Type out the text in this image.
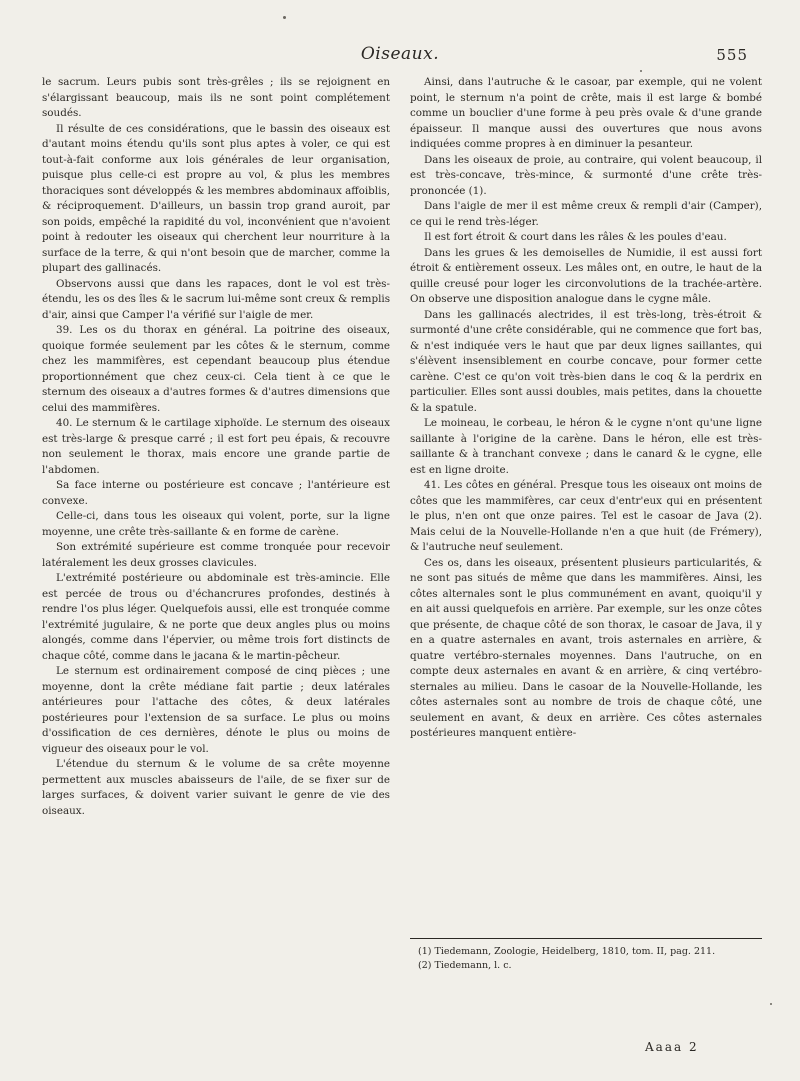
Oiseaux.	555

le sacrum. Leurs pubis sont très-grêles ; ils se rejoignent en s'élargissant beaucoup, mais ils ne sont point complétement soudés.

Il résulte de ces considérations, que le bassin des oiseaux est d'autant moins étendu qu'ils sont plus aptes à voler, ce qui est tout-à-fait conforme aux lois générales de leur organisation, puisque plus celle-ci est propre au vol, & plus les membres thoraciques sont développés & les membres abdominaux affoiblis, & réciproquement. D'ailleurs, un bassin trop grand auroit, par son poids, empêché la rapidité du vol, inconvénient que n'avoient point à redouter les oiseaux qui cherchent leur nourriture à la surface de la terre, & qui n'ont besoin que de marcher, comme la plupart des gallinacés.

Observons aussi que dans les rapaces, dont le vol est très-étendu, les os des îles & le sacrum lui-même sont creux & remplis d'air, ainsi que Camper l'a vérifié sur l'aigle de mer.

39. Les os du thorax en général. La poitrine des oiseaux, quoique formée seulement par les côtes & le sternum, comme chez les mammifères, est cependant beaucoup plus étendue proportionnément que chez ceux-ci. Cela tient à ce que le sternum des oiseaux a d'autres formes & d'autres dimensions que celui des mammifères.

40. Le sternum & le cartilage xiphoïde. Le sternum des oiseaux est très-large & presque carré ; il est fort peu épais, & recouvre non seulement le thorax, mais encore une grande partie de l'abdomen.

Sa face interne ou postérieure est concave ; l'antérieure est convexe.

Celle-ci, dans tous les oiseaux qui volent, porte, sur la ligne moyenne, une crête très-saillante & en forme de carène.

Son extrémité supérieure est comme tronquée pour recevoir latéralement les deux grosses clavicules.

L'extrémité postérieure ou abdominale est très-amincie. Elle est percée de trous ou d'échancrures profondes, destinés à rendre l'os plus léger. Quelquefois aussi, elle est tronquée comme l'extrémité jugulaire, & ne porte que deux angles plus ou moins alongés, comme dans l'épervier, ou même trois fort distincts de chaque côté, comme dans le jacana & le martin-pêcheur.

Le sternum est ordinairement composé de cinq pièces ; une moyenne, dont la crête médiane fait partie ; deux latérales antérieures pour l'attache des côtes, & deux latérales postérieures pour l'extension de sa surface. Le plus ou moins d'ossification de ces dernières, dénote le plus ou moins de vigueur des oiseaux pour le vol.

L'étendue du sternum & le volume de sa crête moyenne permettent aux muscles abaisseurs de l'aile, de se fixer sur de larges surfaces, & doivent varier suivant le genre de vie des oiseaux.

Ainsi, dans l'autruche & le casoar, par exemple, qui ne volent point, le sternum n'a point de crête, mais il est large & bombé comme un bouclier d'une forme à peu près ovale & d'une grande épaisseur. Il manque aussi des ouvertures que nous avons indiquées comme propres à en diminuer la pesanteur.

Dans les oiseaux de proie, au contraire, qui volent beaucoup, il est très-concave, très-mince, & surmonté d'une crête très-prononcée (1).

Dans l'aigle de mer il est même creux & rempli d'air (Camper), ce qui le rend très-léger.

Il est fort étroit & court dans les râles & les poules d'eau.

Dans les grues & les demoiselles de Numidie, il est aussi fort étroit & entièrement osseux. Les mâles ont, en outre, le haut de la quille creusé pour loger les circonvolutions de la trachée-artère. On observe une disposition analogue dans le cygne mâle.

Dans les gallinacés alectrides, il est très-long, très-étroit & surmonté d'une crête considérable, qui ne commence que fort bas, & n'est indiquée vers le haut que par deux lignes saillantes, qui s'élèvent insensiblement en courbe concave, pour former cette carène. C'est ce qu'on voit très-bien dans le coq & la perdrix en particulier. Elles sont aussi doubles, mais petites, dans la chouette & la spatule.

Le moineau, le corbeau, le héron & le cygne n'ont qu'une ligne saillante à l'origine de la carène. Dans le héron, elle est très-saillante & à tranchant convexe ; dans le canard & le cygne, elle est en ligne droite.

41. Les côtes en général. Presque tous les oiseaux ont moins de côtes que les mammifères, car ceux d'entr'eux qui en présentent le plus, n'en ont que onze paires. Tel est le casoar de Java (2). Mais celui de la Nouvelle-Hollande n'en a que huit (de Frémery), & l'autruche neuf seulement.

Ces os, dans les oiseaux, présentent plusieurs particularités, & ne sont pas situés de même que dans les mammifères. Ainsi, les côtes alternales sont le plus communément en avant, quoiqu'il y en ait aussi quelquefois en arrière. Par exemple, sur les onze côtes que présente, de chaque côté de son thorax, le casoar de Java, il y en a quatre asternales en avant, trois asternales en arrière, & quatre vertébro-sternales moyennes. Dans l'autruche, on en compte deux asternales en avant & en arrière, & cinq vertébro-sternales au milieu. Dans le casoar de la Nouvelle-Hollande, les côtes asternales sont au nombre de trois de chaque côté, une seulement en avant, & deux en arrière. Ces côtes asternales postérieures manquent entière-

(1) Tiedemann, Zoologie, Heidelberg, 1810, tom. II, pag. 211.

(2) Tiedemann, l. c.

Aaaa 2
